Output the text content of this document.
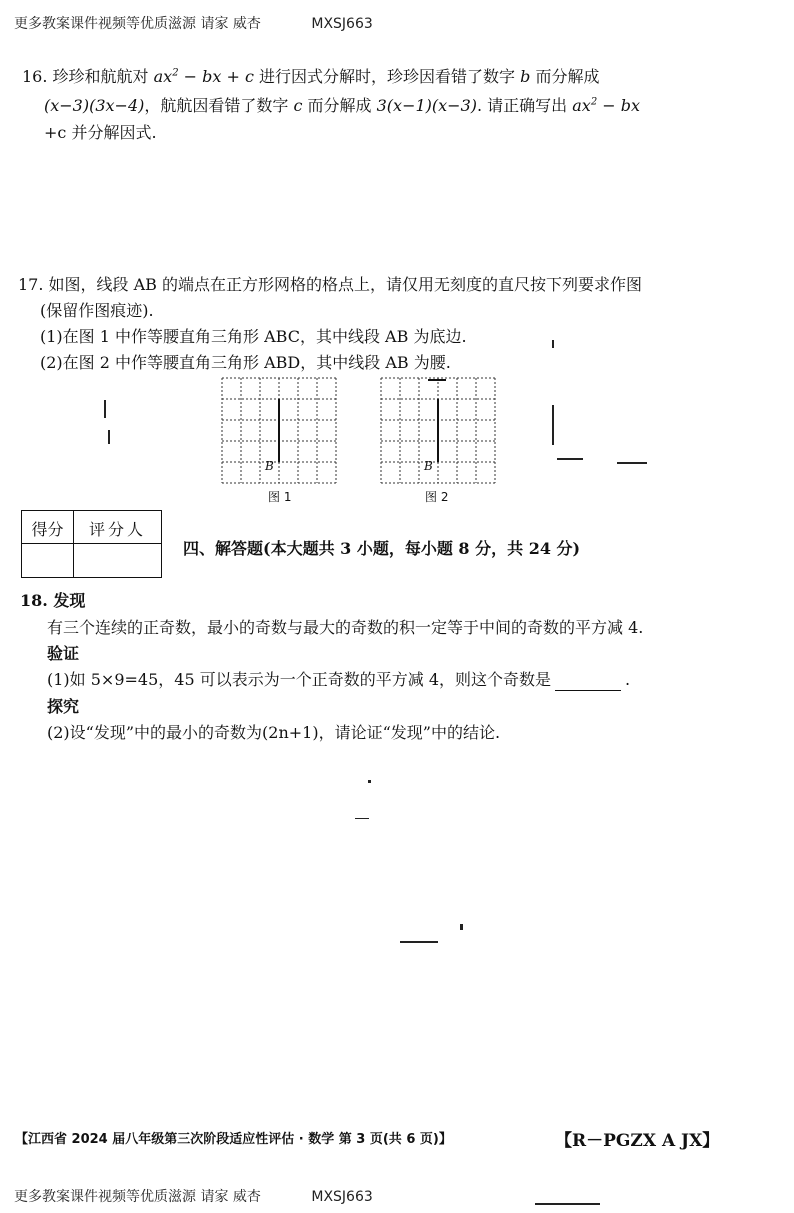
更多教案课件视频等优质滋源 请家 威杏	MXSJ663
16. 珍珍和航航对 $ax^2$ − bx + c 进行因式分解时，珍珍因看错了数字 b 而分解成
(x−3)(3x−4)，航航因看错了数字 c 而分解成 3(x−1)(x−3). 请正确写出 $ax^2$ − bx
+c 并分解因式.
17. 如图，线段 AB 的端点在正方形网格的格点上，请仅用无刻度的直尺按下列要求作图
(保留作图痕迹).
(1)在图 1 中作等腰直角三角形 ABC，其中线段 AB 为底边.
(2)在图 2 中作等腰直角三角形 ABD，其中线段 AB 为腰.
B
图 1
B
图 2
得分	评分人
四、解答题(本大题共 3 小题，每小题 8 分，共 24 分)
18. 发现
有三个连续的正奇数，最小的奇数与最大的奇数的积一定等于中间的奇数的平方减 4.
验证
(1)如 5×9=45，45 可以表示为一个正奇数的平方减 4，则这个奇数是	.
探究
(2)设“发现”中的最小的奇数为(2n+1)，请论证“发现”中的结论.
【江西省 2024 届八年级第三次阶段适应性评估 · 数学 第 3 页(共 6 页)】	【R－PGZX A JX】
更多教案课件视频等优质滋源 请家 威杏	MXSJ663
